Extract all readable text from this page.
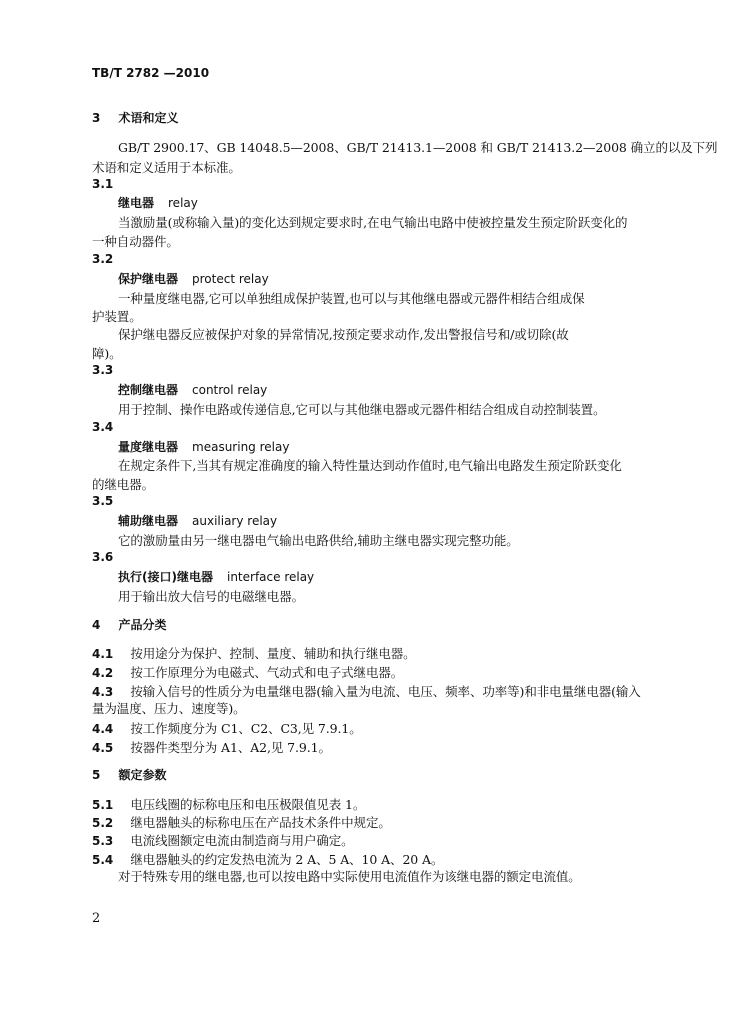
TB/T 2782 —2010
3 术语和定义
GB/T 2900.17、GB 14048.5—2008、GB/T 21413.1—2008 和 GB/T 21413.2—2008 确立的以及下列
术语和定义适用于本标准。
3.1
继电器 relay
当激励量(或称输入量)的变化达到规定要求时,在电气输出电路中使被控量发生预定阶跃变化的
一种自动器件。
3.2
保护继电器 protect relay
一种量度继电器,它可以单独组成保护装置,也可以与其他继电器或元器件相结合组成保
护装置。
保护继电器反应被保护对象的异常情况,按预定要求动作,发出警报信号和/或切除(故
障)。
3.3
控制继电器 control relay
用于控制、操作电路或传递信息,它可以与其他继电器或元器件相结合组成自动控制装置。
3.4
量度继电器 measuring relay
在规定条件下,当其有规定准确度的输入特性量达到动作值时,电气输出电路发生预定阶跃变化
的继电器。
3.5
辅助继电器 auxiliary relay
它的激励量由另一继电器电气输出电路供给,辅助主继电器实现完整功能。
3.6
执行(接口)继电器 interface relay
用于输出放大信号的电磁继电器。
4 产品分类
4.1 按用途分为保护、控制、量度、辅助和执行继电器。
4.2 按工作原理分为电磁式、气动式和电子式继电器。
4.3 按输入信号的性质分为电量继电器(输入量为电流、电压、频率、功率等)和非电量继电器(输入
量为温度、压力、速度等)。
4.4 按工作频度分为 C1、C2、C3,见 7.9.1。
4.5 按器件类型分为 A1、A2,见 7.9.1。
5 额定参数
5.1 电压线圈的标称电压和电压极限值见表 1。
5.2 继电器触头的标称电压在产品技术条件中规定。
5.3 电流线圈额定电流由制造商与用户确定。
5.4 继电器触头的约定发热电流为 2 A、5 A、10 A、20 A。
对于特殊专用的继电器,也可以按电路中实际使用电流值作为该继电器的额定电流值。
2
